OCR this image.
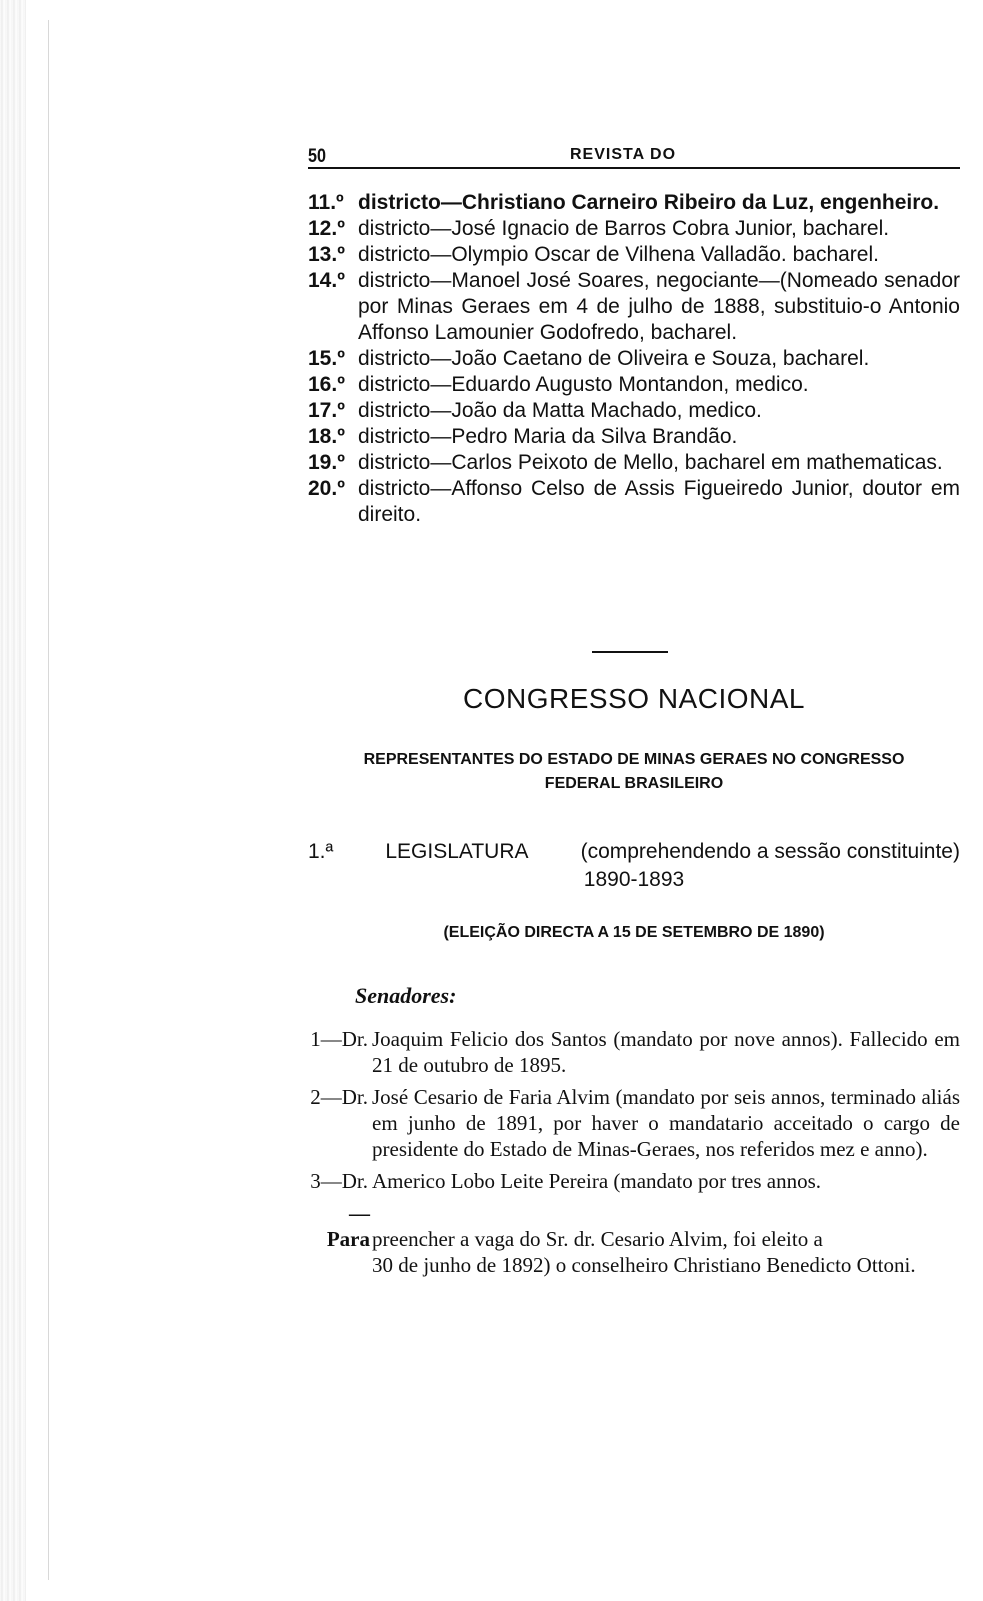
50	REVISTA DO
11.º districto—Christiano Carneiro Ribeiro da Luz, engenheiro.
12.º districto—José Ignacio de Barros Cobra Junior, bacharel.
13.º districto—Olympio Oscar de Vilhena Valladão. bacharel.
14.º districto—Manoel José Soares, negociante—(Nomeado senador por Minas Geraes em 4 de julho de 1888, substituio-o Antonio Affonso Lamounier Godofredo, bacharel.
15.º districto—João Caetano de Oliveira e Souza, bacharel.
16.º districto—Eduardo Augusto Montandon, medico.
17.º districto—João da Matta Machado, medico.
18.º districto—Pedro Maria da Silva Brandão.
19.º districto—Carlos Peixoto de Mello, bacharel em mathematicas.
20.º districto—Affonso Celso de Assis Figueiredo Junior, doutor em direito.
CONGRESSO NACIONAL
REPRESENTANTES DO ESTADO DE MINAS GERAES NO CONGRESSO
FEDERAL BRASILEIRO
1.ª LEGISLATURA (comprehendendo a sessão constituinte)
1890-1893
(ELEIÇÃO DIRECTA A 15 DE SETEMBRO DE 1890)
Senadores:
1—Dr. Joaquim Felicio dos Santos (mandato por nove annos). Fallecido em 21 de outubro de 1895.
2—Dr. José Cesario de Faria Alvim (mandato por seis annos, terminado aliás em junho de 1891, por haver o mandatario acceitado o cargo de presidente do Estado de Minas-Geraes, nos referidos mez e anno).
3—Dr. Americo Lobo Leite Pereira (mandato por tres annos.
—Parapreencher a vaga do Sr. dr. Cesario Alvim, foi eleito a
30 de junho de 1892) o conselheiro Christiano Benedicto Ottoni.
